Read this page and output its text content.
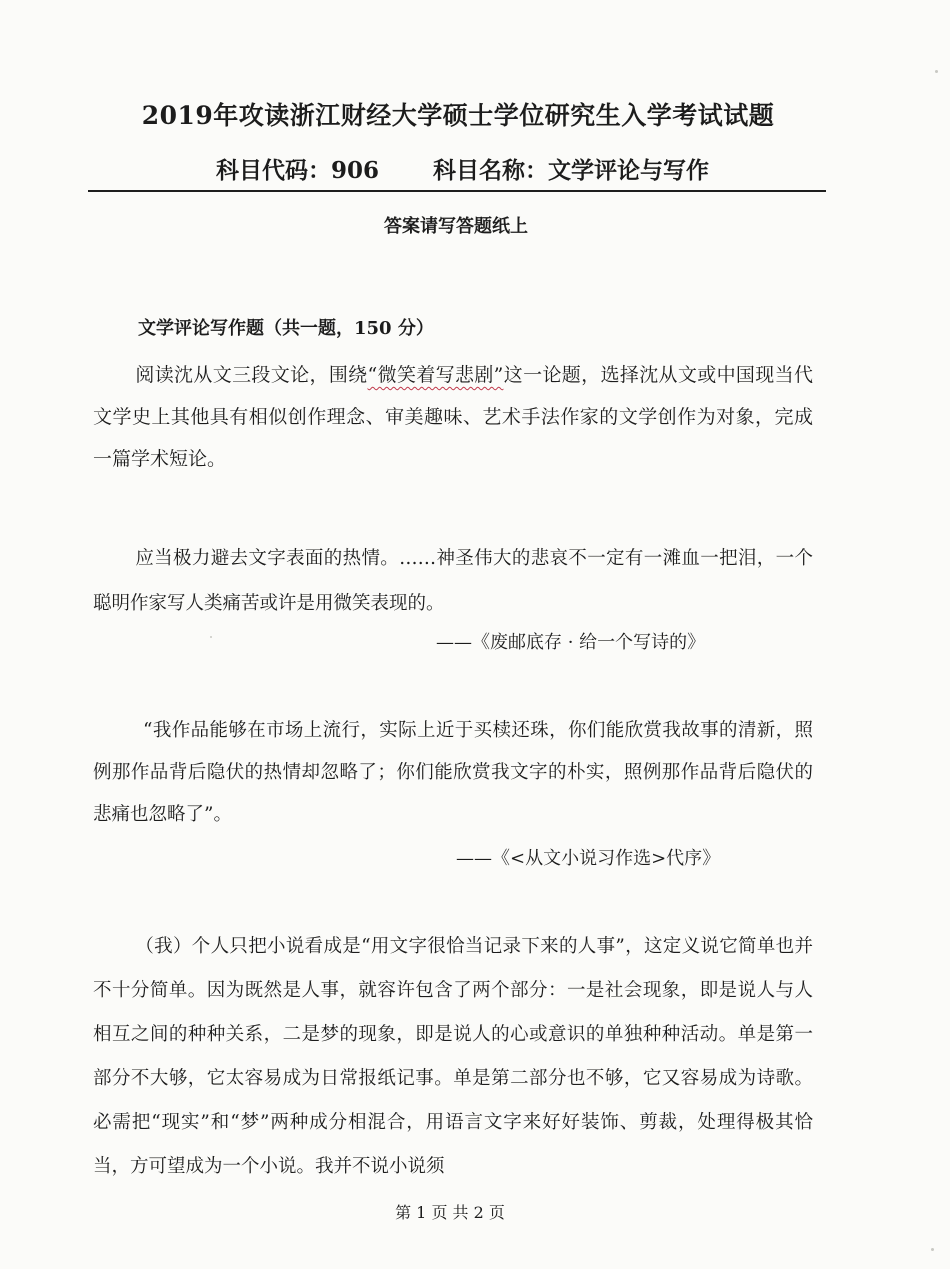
2019年攻读浙江财经大学硕士学位研究生入学考试试题
科目代码：906 科目名称：文学评论与写作
答案请写答题纸上
文学评论写作题（共一题，150 分）

阅读沈从文三段文论，围绕“微笑着写悲剧”这一论题，选择沈从文或中国现当代文学史上其他具有相似创作理念、审美趣味、艺术手法作家的文学创作为对象，完成一篇学术短论。

应当极力避去文字表面的热情。……神圣伟大的悲哀不一定有一滩血一把泪，一个聪明作家写人类痛苦或许是用微笑表现的。

——《废邮底存 · 给一个写诗的》

“我作品能够在市场上流行，实际上近于买椟还珠，你们能欣赏我故事的清新，照例那作品背后隐伏的热情却忽略了；你们能欣赏我文字的朴实，照例那作品背后隐伏的悲痛也忽略了”。

——《<从文小说习作选>代序》

（我）个人只把小说看成是“用文字很恰当记录下来的人事”，这定义说它简单也并不十分简单。因为既然是人事，就容许包含了两个部分：一是社会现象，即是说人与人相互之间的种种关系，二是梦的现象，即是说人的心或意识的单独种种活动。单是第一部分不大够，它太容易成为日常报纸记事。单是第二部分也不够，它又容易成为诗歌。必需把“现实”和“梦”两种成分相混合，用语言文字来好好装饰、剪裁，处理得极其恰当，方可望成为一个小说。我并不说小说须

第 1 页 共 2 页
